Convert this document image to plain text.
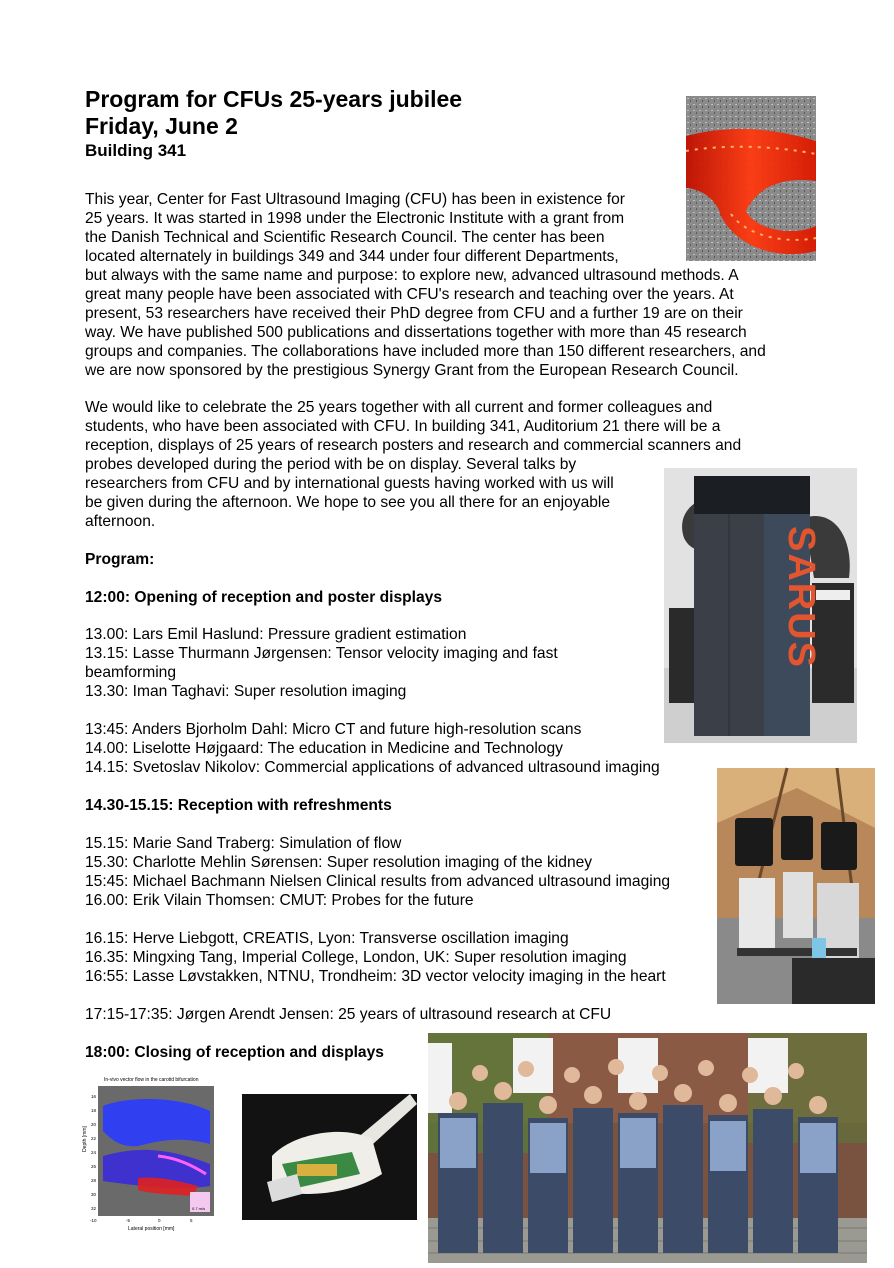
Program for CFUs 25-years jubilee
Friday, June 2
Building 341
This year, Center for Fast Ultrasound Imaging (CFU) has been in existence for
25 years. It was started in 1998 under the Electronic Institute with a grant from
the Danish Technical and Scientific Research Council. The center has been
located alternately in buildings 349 and 344 under four different Departments,
but always with the same name and purpose: to explore new, advanced ultrasound methods. A
great many people have been associated with CFU's research and teaching over the years. At
present, 53 researchers have received their PhD degree from CFU and a further 19 are on their
way. We have published 500 publications and dissertations together with more than 45 research
groups and companies. The collaborations have included more than 150 different researchers, and
we are now sponsored by the prestigious Synergy Grant from the European Research Council.
We would like to celebrate the 25 years together with all current and former colleagues and
students, who have been associated with CFU. In building 341, Auditorium 21 there will be a
reception, displays of 25 years of research posters and research and commercial scanners and
probes developed during the period with be on display. Several talks by
researchers from CFU and by international guests having worked with us will
be given during the afternoon. We hope to see you all there for an enjoyable
afternoon.
SARUS
Program:
12:00: Opening of reception and poster displays
13.00: Lars Emil Haslund: Pressure gradient estimation
13.15: Lasse Thurmann Jørgensen: Tensor velocity imaging and fast
beamforming
13.30: Iman Taghavi: Super resolution imaging
13:45: Anders Bjorholm Dahl: Micro CT and future high-resolution scans
14.00: Liselotte Højgaard: The education in Medicine and Technology
14.15: Svetoslav Nikolov: Commercial applications of advanced ultrasound imaging
14.30-15.15: Reception with refreshments
15.15: Marie Sand Traberg: Simulation of flow
15.30: Charlotte Mehlin Sørensen: Super resolution imaging of the kidney
15:45: Michael Bachmann Nielsen Clinical results from advanced ultrasound imaging
16.00: Erik Vilain Thomsen: CMUT: Probes for the future
16.15: Herve Liebgott, CREATIS, Lyon: Transverse oscillation imaging
16.35: Mingxing Tang, Imperial College, London, UK: Super resolution imaging
16:55: Lasse Løvstakken, NTNU, Trondheim: 3D vector velocity imaging in the heart
17:15-17:35: Jørgen Arendt Jensen: 25 years of ultrasound research at CFU
18:00: Closing of reception and displays
In-vivo vector flow in the carotid bifurcation
0.7 m/s
Depth [mm]
Lateral position [mm]
-10	-5	0	5
16
18
20
22
24
26
28
30
32
